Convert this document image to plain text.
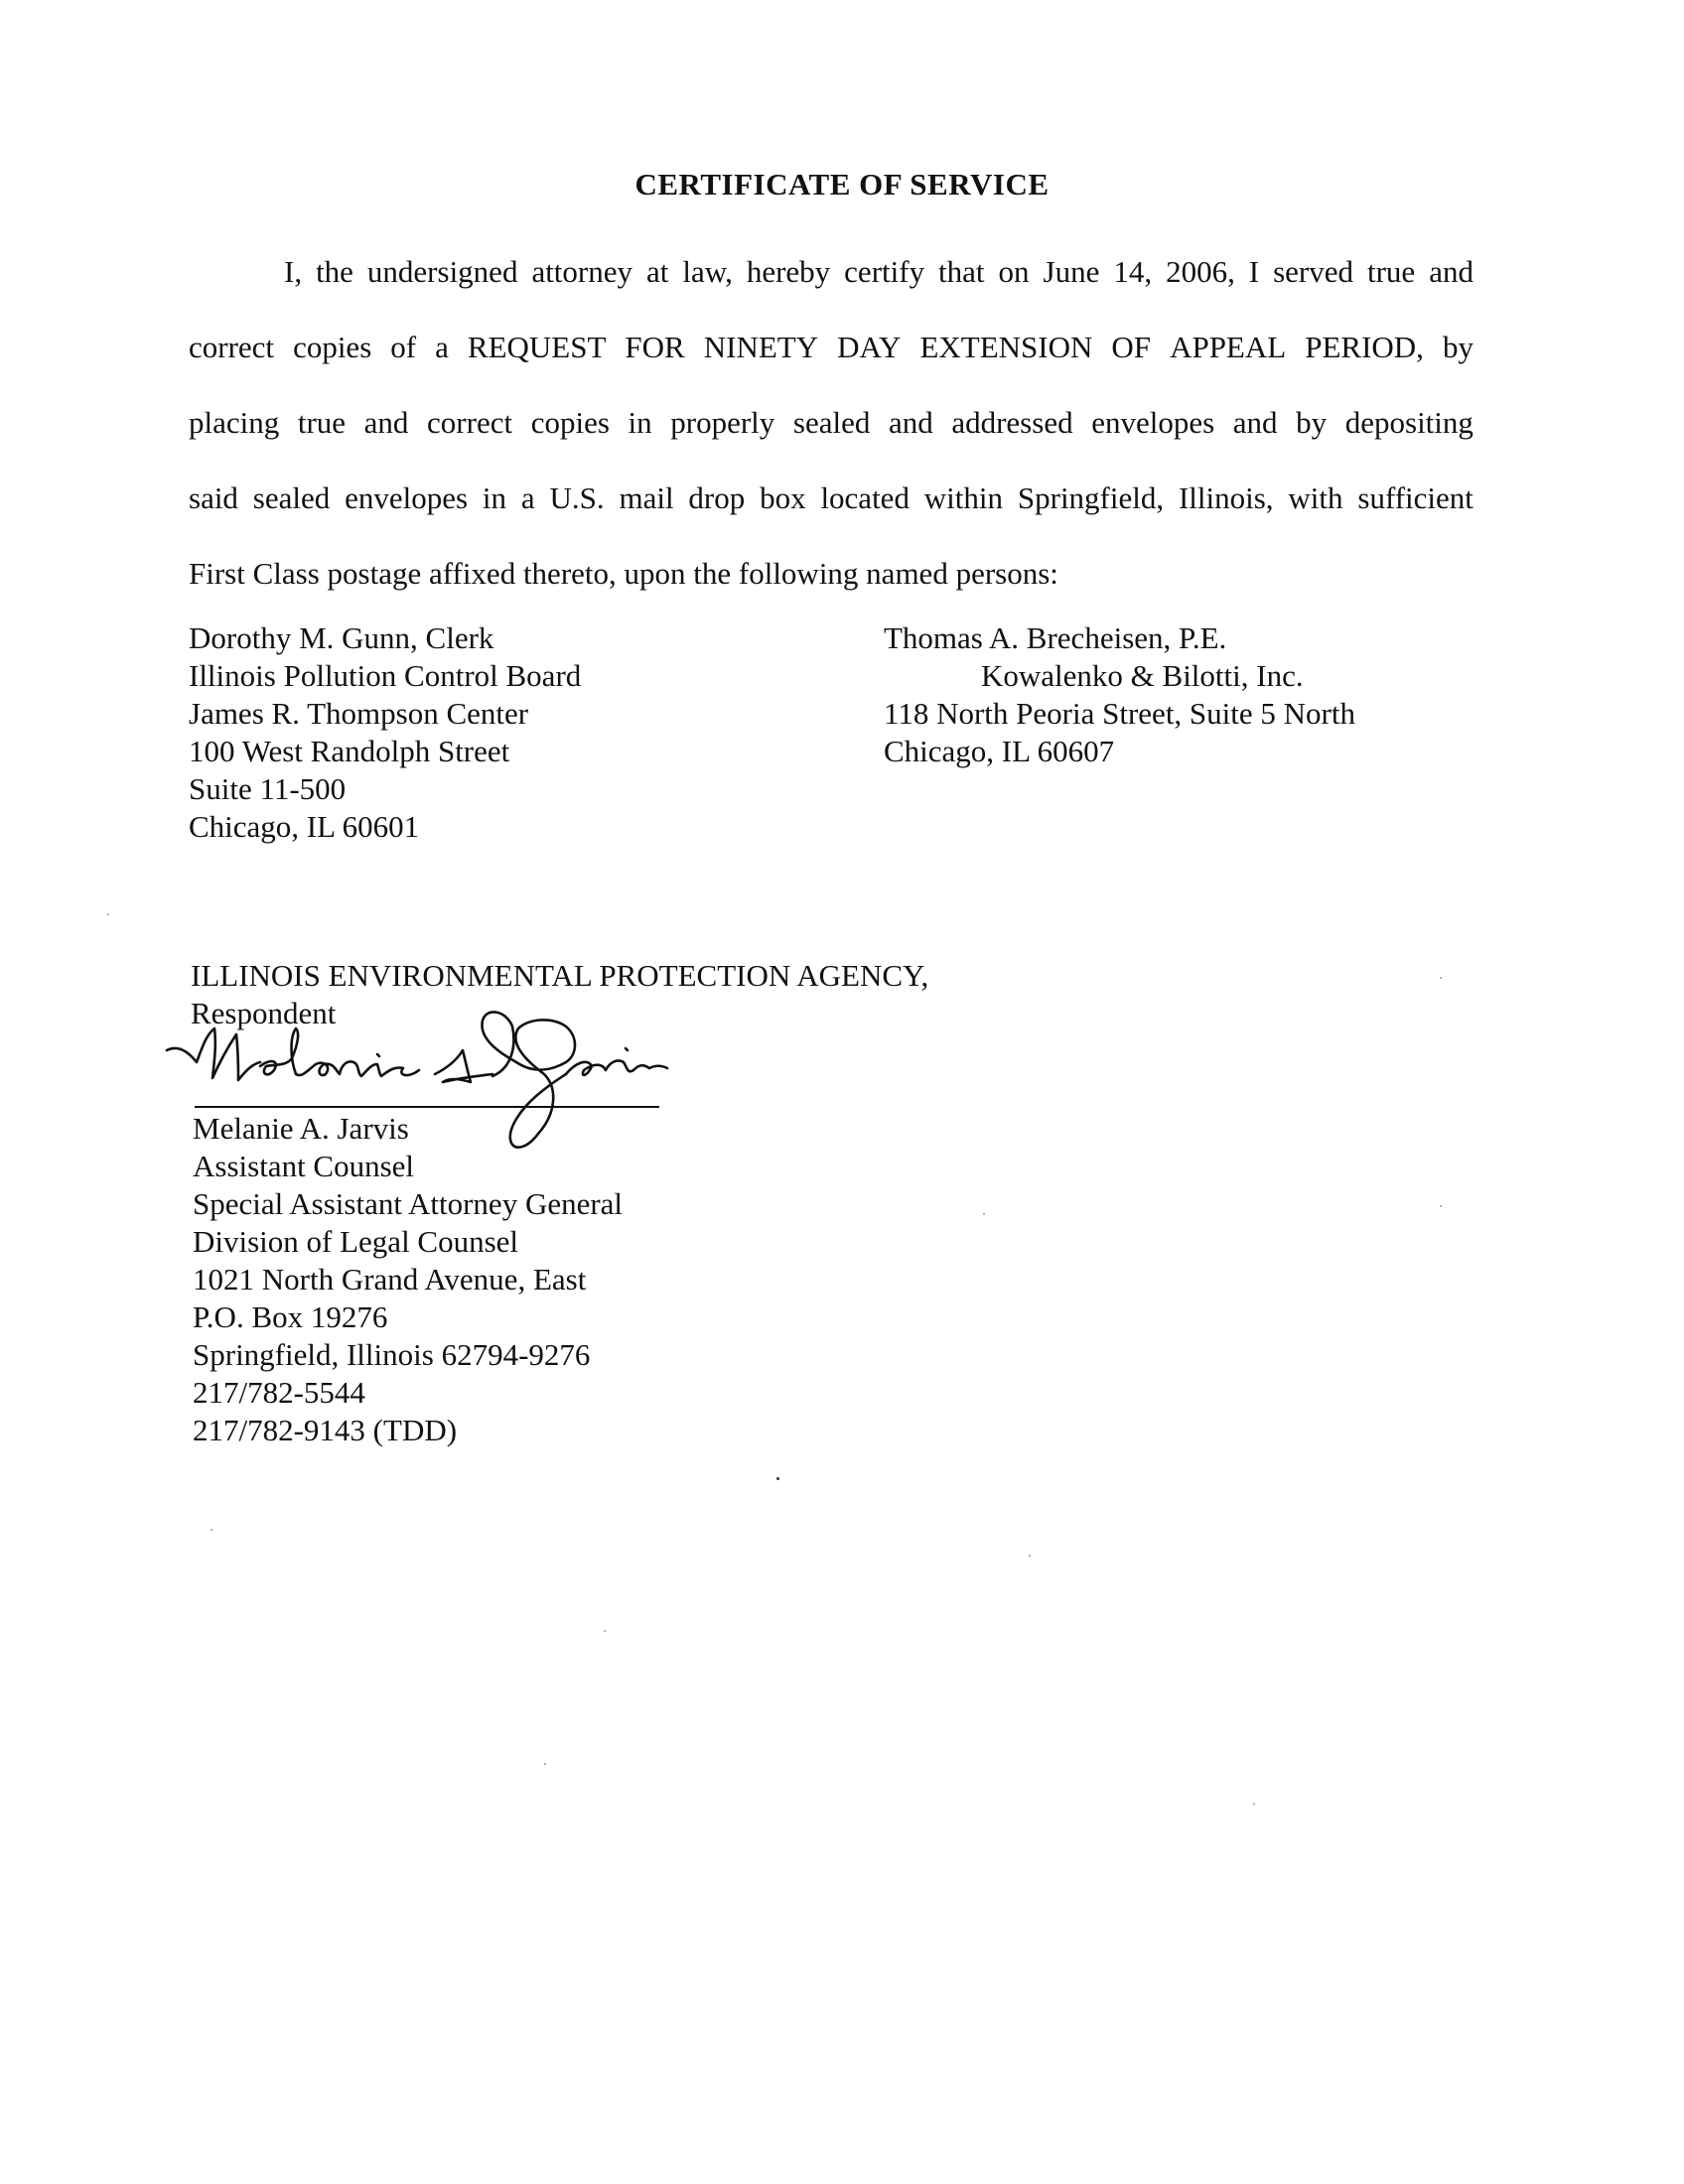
CERTIFICATE OF SERVICE
I, the undersigned attorney at law, hereby certify that on June 14, 2006, I served true and
correct copies of a REQUEST FOR NINETY DAY EXTENSION OF APPEAL PERIOD, by
placing true and correct copies in properly sealed and addressed envelopes and by depositing
said sealed envelopes in a U.S. mail drop box located within Springfield, Illinois, with sufficient
First Class postage affixed thereto, upon the following named persons:
Dorothy M. Gunn, Clerk
Illinois Pollution Control Board
James R. Thompson Center
100 West Randolph Street
Suite 11-500
Chicago, IL 60601
Thomas A. Brecheisen, P.E.
Kowalenko & Bilotti, Inc.
118 North Peoria Street, Suite 5 North
Chicago, IL 60607
ILLINOIS ENVIRONMENTAL PROTECTION AGENCY,
Respondent
Melanie A. Jarvis
Assistant Counsel
Special Assistant Attorney General
Division of Legal Counsel
1021 North Grand Avenue, East
P.O. Box 19276
Springfield, Illinois 62794-9276
217/782-5544
217/782-9143 (TDD)
